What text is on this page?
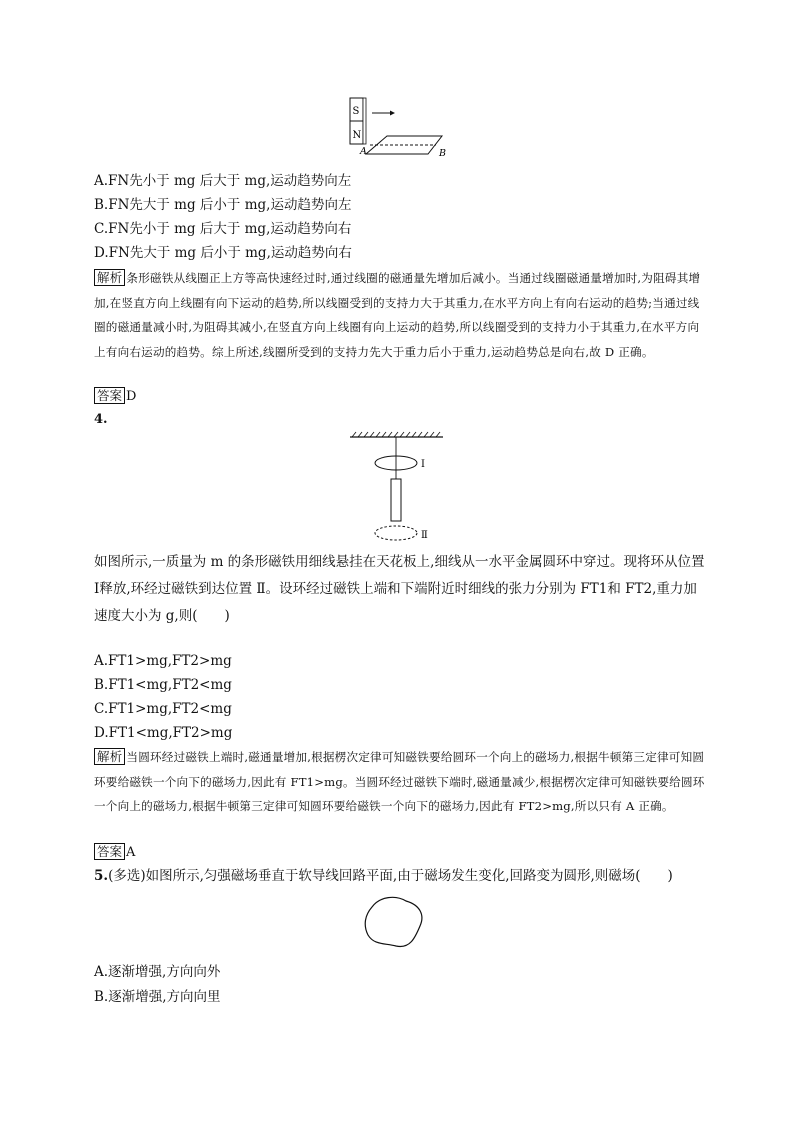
S
N
A	B
A.FN先小于 mg 后大于 mg,运动趋势向左
B.FN先大于 mg 后小于 mg,运动趋势向左
C.FN先小于 mg 后大于 mg,运动趋势向右
D.FN先大于 mg 后小于 mg,运动趋势向右
解析 条形磁铁从线圈正上方等高快速经过时,通过线圈的磁通量先增加后减小。当通过线圈磁通量增加时,为阻碍其增加,在竖直方向上线圈有向下运动的趋势,所以线圈受到的支持力大于其重力,在水平方向上有向右运动的趋势;当通过线圈的磁通量减小时,为阻碍其减小,在竖直方向上线圈有向上运动的趋势,所以线圈受到的支持力小于其重力,在水平方向上有向右运动的趋势。综上所述,线圈所受到的支持力先大于重力后小于重力,运动趋势总是向右,故 D 正确。
答案 D
4.
Ⅰ
Ⅱ
如图所示,一质量为 m 的条形磁铁用细线悬挂在天花板上,细线从一水平金属圆环中穿过。现将环从位置 Ⅰ释放,环经过磁铁到达位置 Ⅱ。设环经过磁铁上端和下端附近时细线的张力分别为 FT1和 FT2,重力加速度大小为 g,则(　　)
A.FT1>mg,FT2>mg
B.FT1<mg,FT2<mg
C.FT1>mg,FT2<mg
D.FT1<mg,FT2>mg
解析 当圆环经过磁铁上端时,磁通量增加,根据楞次定律可知磁铁要给圆环一个向上的磁场力,根据牛顿第三定律可知圆环要给磁铁一个向下的磁场力,因此有 FT1>mg。当圆环经过磁铁下端时,磁通量减少,根据楞次定律可知磁铁要给圆环一个向上的磁场力,根据牛顿第三定律可知圆环要给磁铁一个向下的磁场力,因此有 FT2>mg,所以只有 A 正确。
答案 A
5.(多选)如图所示,匀强磁场垂直于软导线回路平面,由于磁场发生变化,回路变为圆形,则磁场(　　)
A.逐渐增强,方向向外
B.逐渐增强,方向向里
